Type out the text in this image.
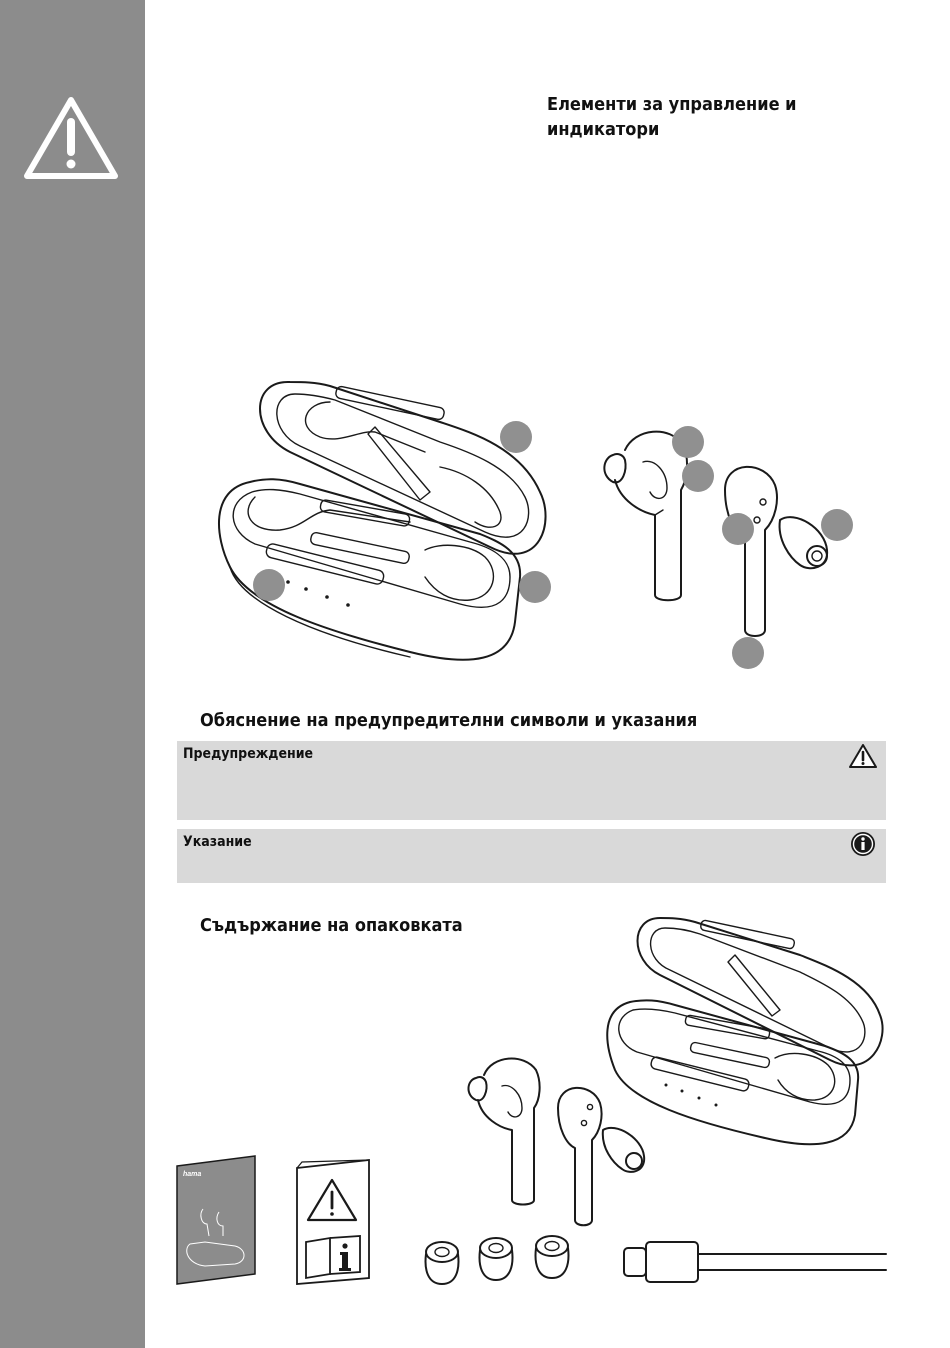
Елементи за управление и индикатори
Обяснение на предупредителни символи и указания
Предупреждение
Указание
Съдържание на опаковката
hama
